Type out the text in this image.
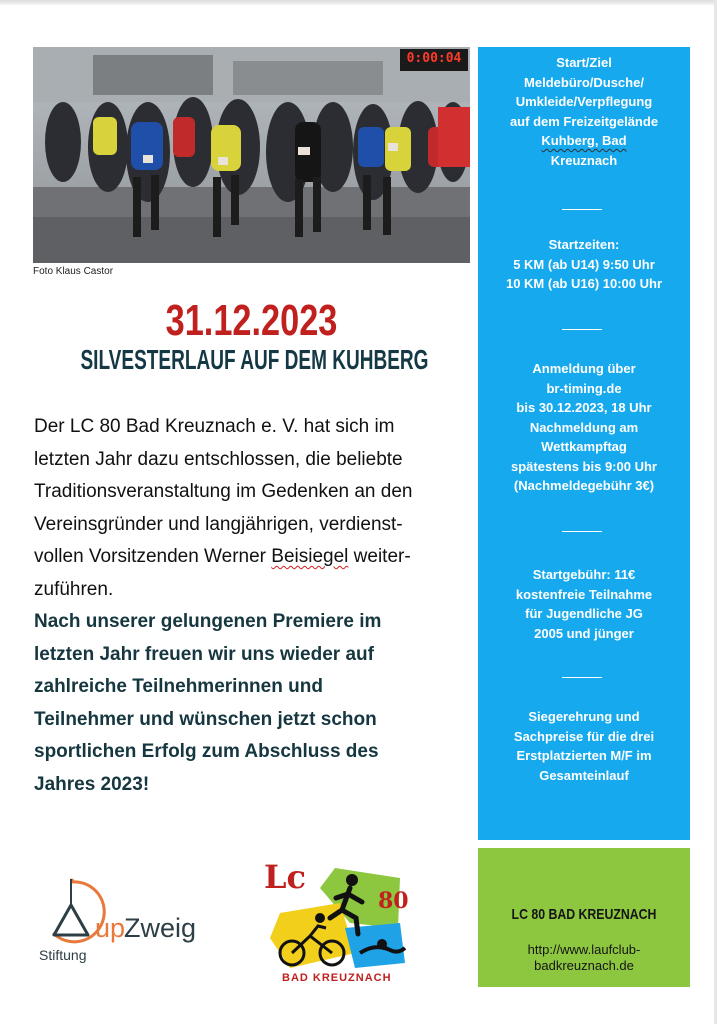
0:00:04
Foto Klaus Castor
31.12.2023
SILVESTERLAUF AUF DEM KUHBERG

Der LC 80 Bad Kreuznach e. V. hat sich im

letzten Jahr dazu entschlossen, die beliebte

Traditionsveranstaltung im Gedenken an den

Vereinsgründer und langjährigen, verdienst-

vollen Vorsitzenden Werner Beisiegel weiter-

zuführen.

Nach unserer gelungenen Premiere im

letzten Jahr freuen wir uns wieder auf

zahlreiche Teilnehmerinnen und

Teilnehmer und wünschen jetzt schon

sportlichen Erfolg zum Abschluss des

Jahres 2023!

Start/Ziel
Meldebüro/Dusche/
Umkleide/Verpflegung
auf dem Freizeitgelände
Kuhberg, Bad
Kreuznach
Startzeiten:
5 KM (ab U14) 9:50 Uhr
10 KM (ab U16) 10:00 Uhr
Anmeldung über
br-timing.de
bis 30.12.2023, 18 Uhr
Nachmeldung am
Wettkampftag
spätestens bis 9:00 Uhr
(Nachmeldegebühr 3€)
Startgebühr: 11€
kostenfreie Teilnahme
für Jugendliche JG
2005 und jünger
Siegerehrung und
Sachpreise für die drei
Erstplatzierten M/F im
Gesamteinlauf
LC 80 BAD KREUZNACH
http://www.laufclub-
badkreuznach.de
up
Zweig
Stiftung
Lc
80
BAD KREUZNACH
